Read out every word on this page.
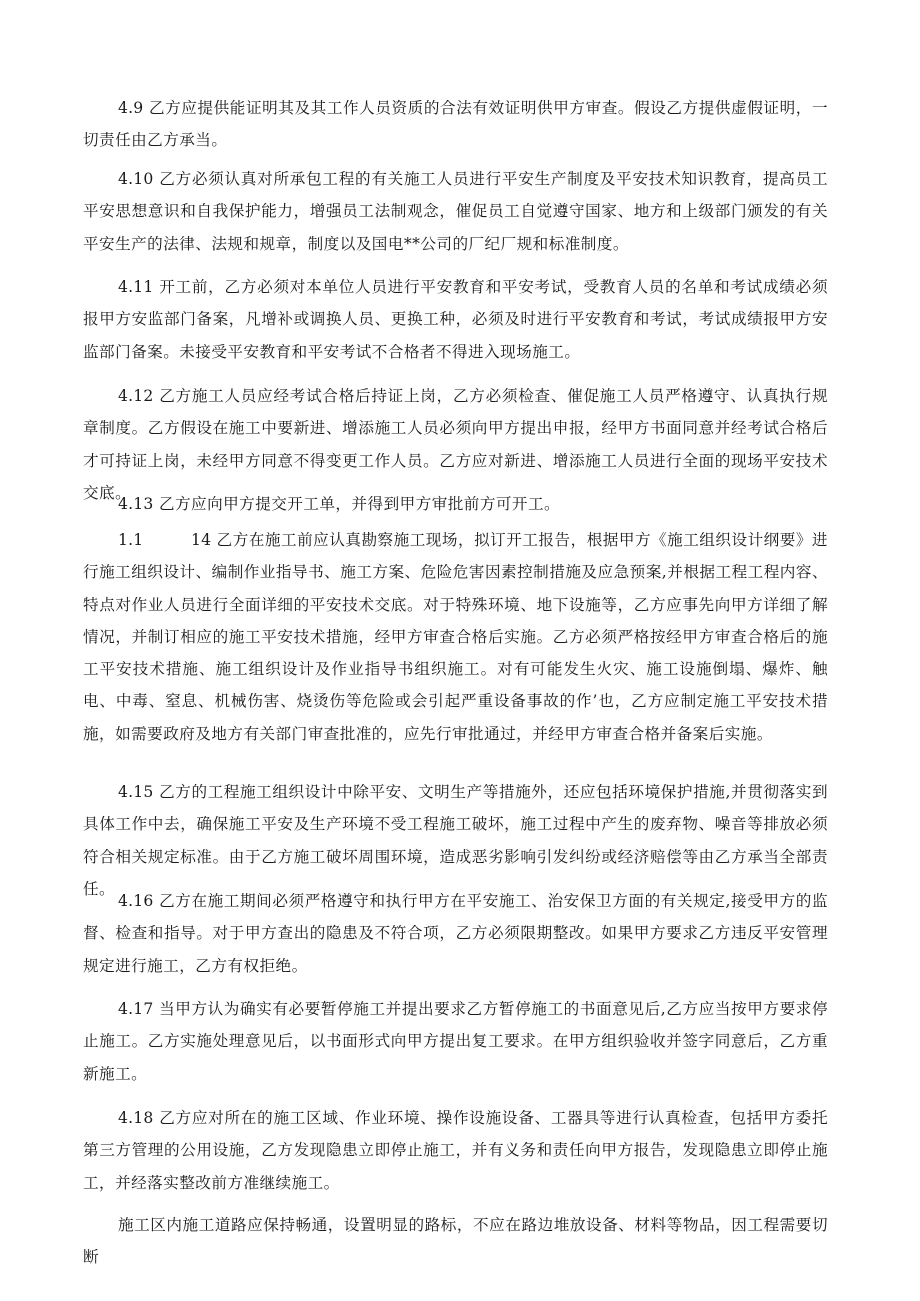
4.9 乙方应提供能证明其及其工作人员资质的合法有效证明供甲方审查。假设乙方提供虚假证明，一切责任由乙方承当。

4.10 乙方必须认真对所承包工程的有关施工人员进行平安生产制度及平安技术知识教育，提高员工平安思想意识和自我保护能力，增强员工法制观念，催促员工自觉遵守国家、地方和上级部门颁发的有关平安生产的法律、法规和规章，制度以及国电**公司的厂纪厂规和标准制度。

4.11 开工前，乙方必须对本单位人员进行平安教育和平安考试，受教育人员的名单和考试成绩必须报甲方安监部门备案，凡增补或调换人员、更换工种，必须及时进行平安教育和考试，考试成绩报甲方安监部门备案。未接受平安教育和平安考试不合格者不得进入现场施工。

4.12 乙方施工人员应经考试合格后持证上岗，乙方必须检查、催促施工人员严格遵守、认真执行规章制度。乙方假设在施工中要新进、增添施工人员必须向甲方提出申报，经甲方书面同意并经考试合格后才可持证上岗，未经甲方同意不得变更工作人员。乙方应对新进、增添施工人员进行全面的现场平安技术交底。

4.13 乙方应向甲方提交开工单，并得到甲方审批前方可开工。

1.1　　　14 乙方在施工前应认真勘察施工现场，拟订开工报告，根据甲方《施工组织设计纲要》进行施工组织设计、编制作业指导书、施工方案、危险危害因素控制措施及应急预案,并根据工程工程内容、特点对作业人员进行全面详细的平安技术交底。对于特殊环境、地下设施等，乙方应事先向甲方详细了解情况，并制订相应的施工平安技术措施，经甲方审查合格后实施。乙方必须严格按经甲方审查合格后的施工平安技术措施、施工组织设计及作业指导书组织施工。对有可能发生火灾、施工设施倒塌、爆炸、触电、中毒、窒息、机械伤害、烧烫伤等危险或会引起严重设备事故的作’也，乙方应制定施工平安技术措施，如需要政府及地方有关部门审查批准的，应先行审批通过，并经甲方审查合格并备案后实施。

4.15 乙方的工程施工组织设计中除平安、文明生产等措施外，还应包括环境保护措施,并贯彻落实到具体工作中去，确保施工平安及生产环境不受工程施工破坏，施工过程中产生的废弃物、噪音等排放必须符合相关规定标准。由于乙方施工破坏周围环境，造成恶劣影响引发纠纷或经济赔偿等由乙方承当全部责任。

4.16 乙方在施工期间必须严格遵守和执行甲方在平安施工、治安保卫方面的有关规定,接受甲方的监督、检查和指导。对于甲方查出的隐患及不符合项，乙方必须限期整改。如果甲方要求乙方违反平安管理规定进行施工，乙方有权拒绝。

4.17 当甲方认为确实有必要暂停施工并提出要求乙方暂停施工的书面意见后,乙方应当按甲方要求停止施工。乙方实施处理意见后，以书面形式向甲方提出复工要求。在甲方组织验收并签字同意后，乙方重新施工。

4.18 乙方应对所在的施工区域、作业环境、操作设施设备、工器具等进行认真检查，包括甲方委托第三方管理的公用设施，乙方发现隐患立即停止施工，并有义务和责任向甲方报告，发现隐患立即停止施工，并经落实整改前方准继续施工。

施工区内施工道路应保持畅通，设置明显的路标，不应在路边堆放设备、材料等物品，因工程需要切断
